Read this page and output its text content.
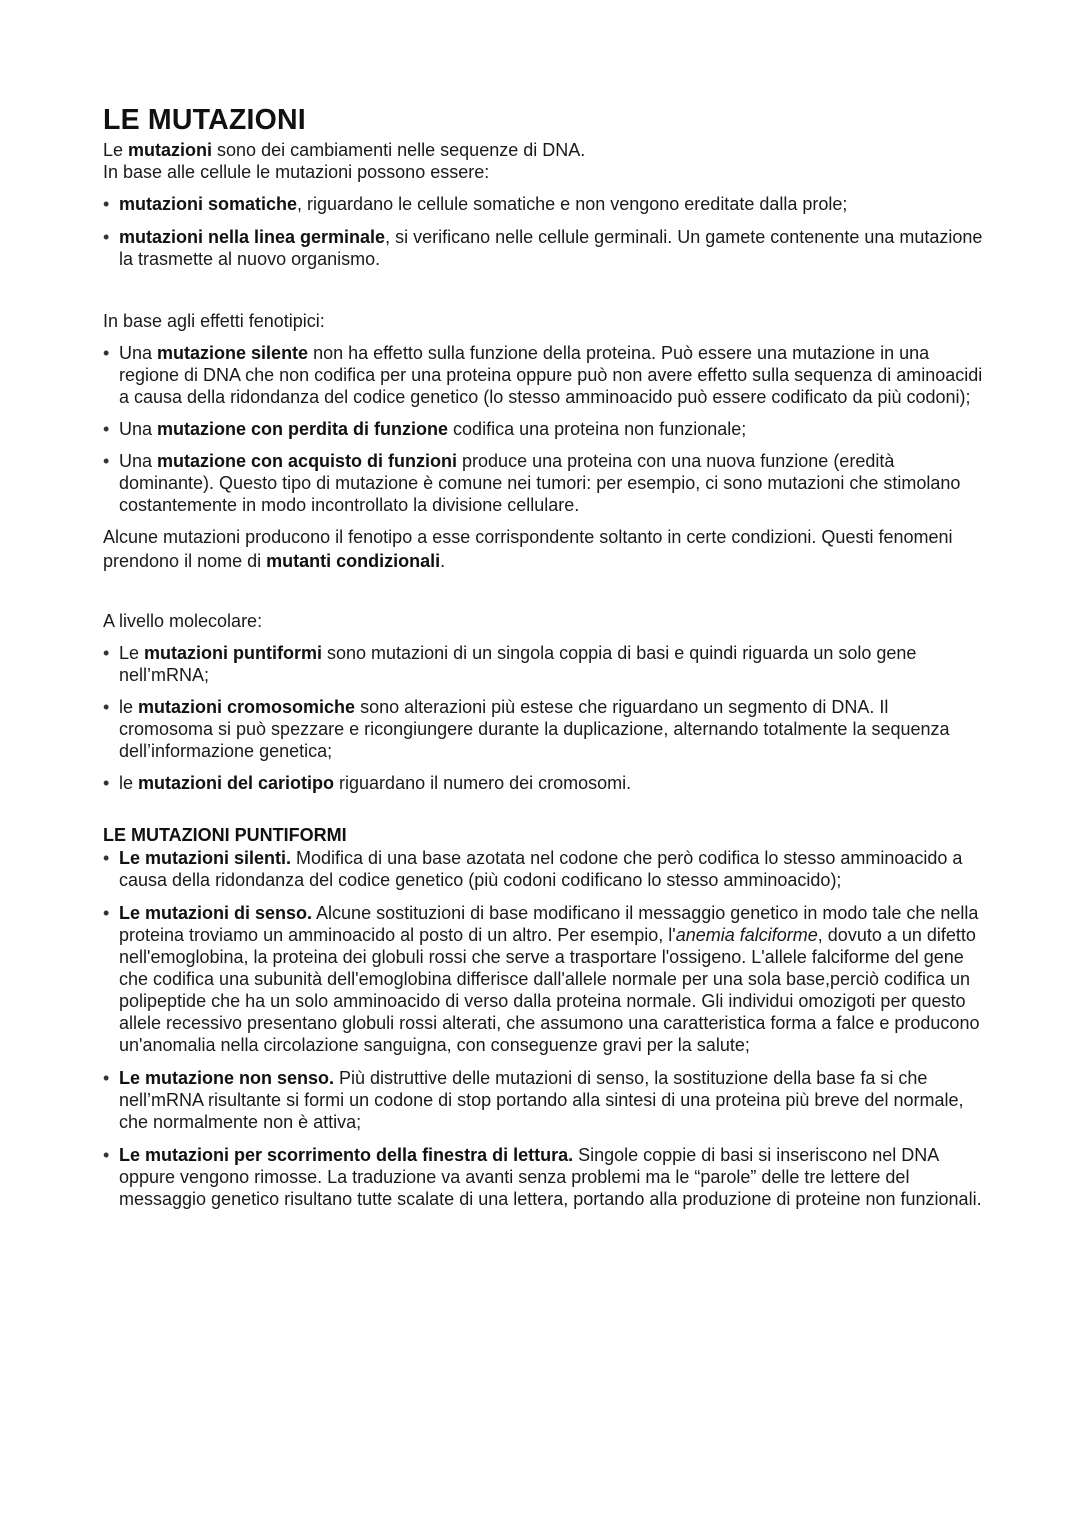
LE MUTAZIONI

Le mutazioni sono dei cambiamenti nelle sequenze di DNA.

In base alle cellule le mutazioni possono essere:

• mutazioni somatiche, riguardano le cellule somatiche e non vengono ereditate dalla prole;
• mutazioni nella linea germinale, si verificano nelle cellule germinali. Un gamete contenente una mutazione la trasmette al nuovo organismo.

In base agli effetti fenotipici:

• Una mutazione silente non ha effetto sulla funzione della proteina. Può essere una mutazione in una regione di DNA che non codifica per una proteina oppure può non avere effetto sulla sequenza di aminoacidi a causa della ridondanza del codice genetico (lo stesso amminoacido può essere codificato da più codoni);
• Una mutazione con perdita di funzione codifica una proteina non funzionale;
• Una mutazione con acquisto di funzioni produce una proteina con una nuova funzione (eredità dominante). Questo tipo di mutazione è comune nei tumori: per esempio, ci sono mutazioni che stimolano costantemente in modo incontrollato la divisione cellulare.

Alcune mutazioni producono il fenotipo a esse corrispondente soltanto in certe condizioni. Questi fenomeni prendono il nome di mutanti condizionali.

A livello molecolare:

• Le mutazioni puntiformi sono mutazioni di un singola coppia di basi e quindi riguarda un solo gene nell’mRNA;
• le mutazioni cromosomiche sono alterazioni più estese che riguardano un segmento di DNA. Il cromosoma si può spezzare e ricongiungere durante la duplicazione, alternando totalmente la sequenza dell’informazione genetica;
• le mutazioni del cariotipo riguardano il numero dei cromosomi.
LE MUTAZIONI PUNTIFORMI
• Le mutazioni silenti. Modifica di una base azotata nel codone che però codifica lo stesso amminoacido a causa della ridondanza del codice genetico (più codoni codificano lo stesso amminoacido);
• Le mutazioni di senso. Alcune sostituzioni di base modificano il messaggio genetico in modo tale che nella proteina troviamo un amminoacido al posto di un altro. Per esempio, l'anemia falciforme, dovuto a un difetto nell'emoglobina, la proteina dei globuli rossi che serve a trasportare l'ossigeno. L'allele falciforme del gene che codifica una subunità dell'emoglobina differisce dall'allele normale per una sola base,perciò codifica un polipeptide che ha un solo amminoacido di verso dalla proteina normale. Gli individui omozigoti per questo allele recessivo presentano globuli rossi alterati, che assumono una caratteristica forma a falce e producono un'anomalia nella circolazione sanguigna, con conseguenze gravi per la salute;
• Le mutazione non senso. Più distruttive delle mutazioni di senso, la sostituzione della base fa si che nell’mRNA risultante si formi un codone di stop portando alla sintesi di una proteina più breve del normale, che normalmente non è attiva;
• Le mutazioni per scorrimento della finestra di lettura. Singole coppie di basi si inseriscono nel DNA oppure vengono rimosse. La traduzione va avanti senza problemi ma le “parole” delle tre lettere del messaggio genetico risultano tutte scalate di una lettera, portando alla produzione di proteine non funzionali.
